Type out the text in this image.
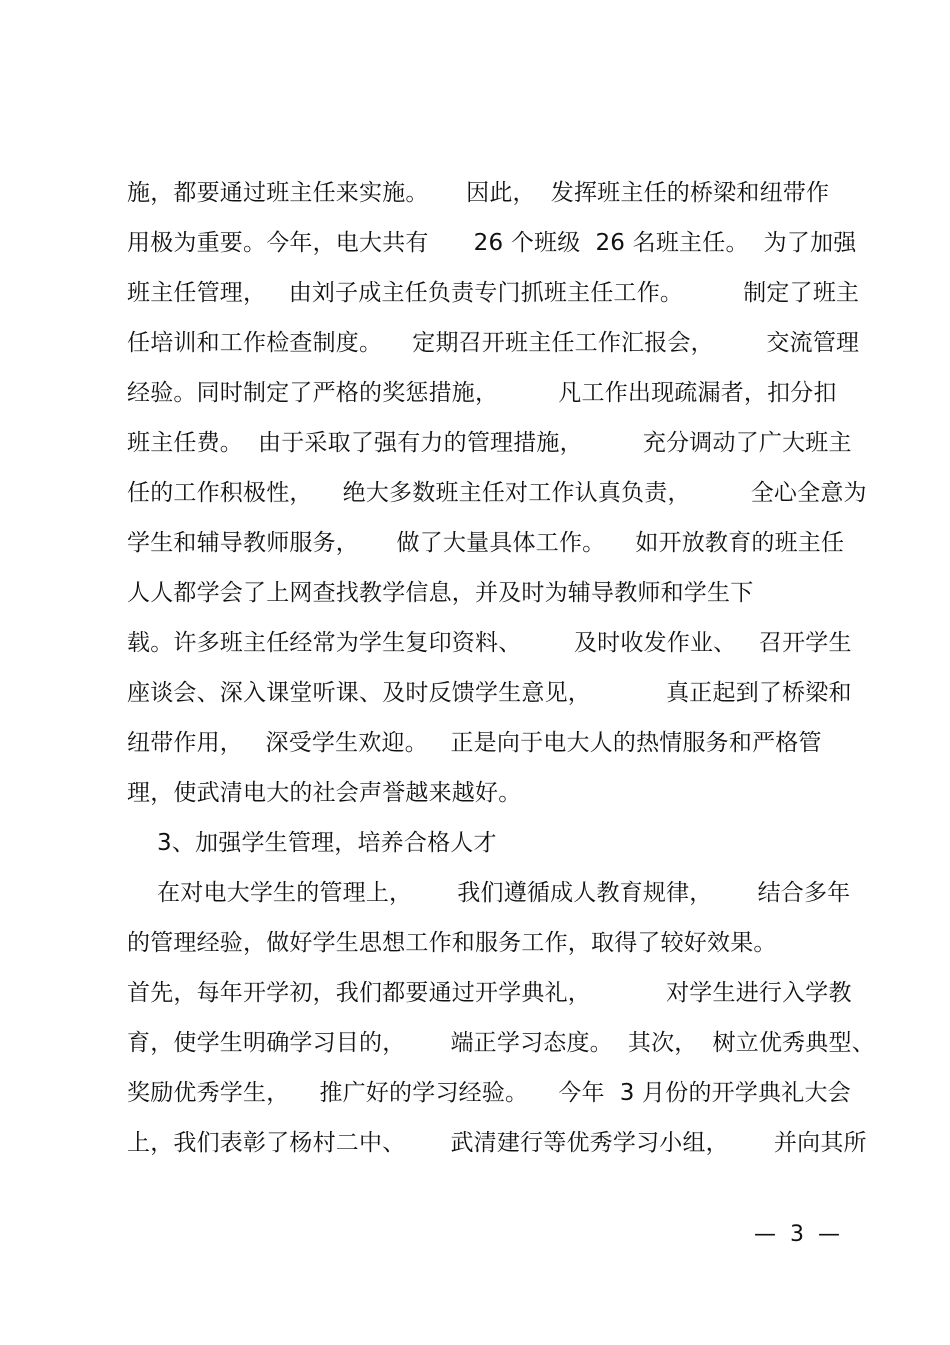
施，都要通过班主任来实施。     因此，  发挥班主任的桥梁和纽带作
用极为重要。今年，电大共有      26 个班级  26 名班主任。  为了加强
班主任管理，   由刘子成主任负责专门抓班主任工作。        制定了班主
任培训和工作检查制度。    定期召开班主任工作汇报会，       交流管理
经验。同时制定了严格的奖惩措施，        凡工作出现疏漏者，扣分扣
班主任费。  由于采取了强有力的管理措施，        充分调动了广大班主
任的工作积极性，    绝大多数班主任对工作认真负责，        全心全意为
学生和辅导教师服务，     做了大量具体工作。    如开放教育的班主任
人人都学会了上网查找教学信息，并及时为辅导教师和学生下
载。许多班主任经常为学生复印资料、       及时收发作业、   召开学生
座谈会、深入课堂听课、及时反馈学生意见，          真正起到了桥梁和
纽带作用，   深受学生欢迎。   正是向于电大人的热情服务和严格管
理，使武清电大的社会声誉越来越好。
3、加强学生管理，培养合格人才
在对电大学生的管理上，      我们遵循成人教育规律，      结合多年
的管理经验，做好学生思想工作和服务工作，取得了较好效果。
首先，每年开学初，我们都要通过开学典礼，          对学生进行入学教
育，使学生明确学习目的，      端正学习态度。  其次，  树立优秀典型、
奖励优秀学生，    推广好的学习经验。    今年  3 月份的开学典礼大会
上，我们表彰了杨村二中、      武清建行等优秀学习小组，      并向其所
—  3  —
